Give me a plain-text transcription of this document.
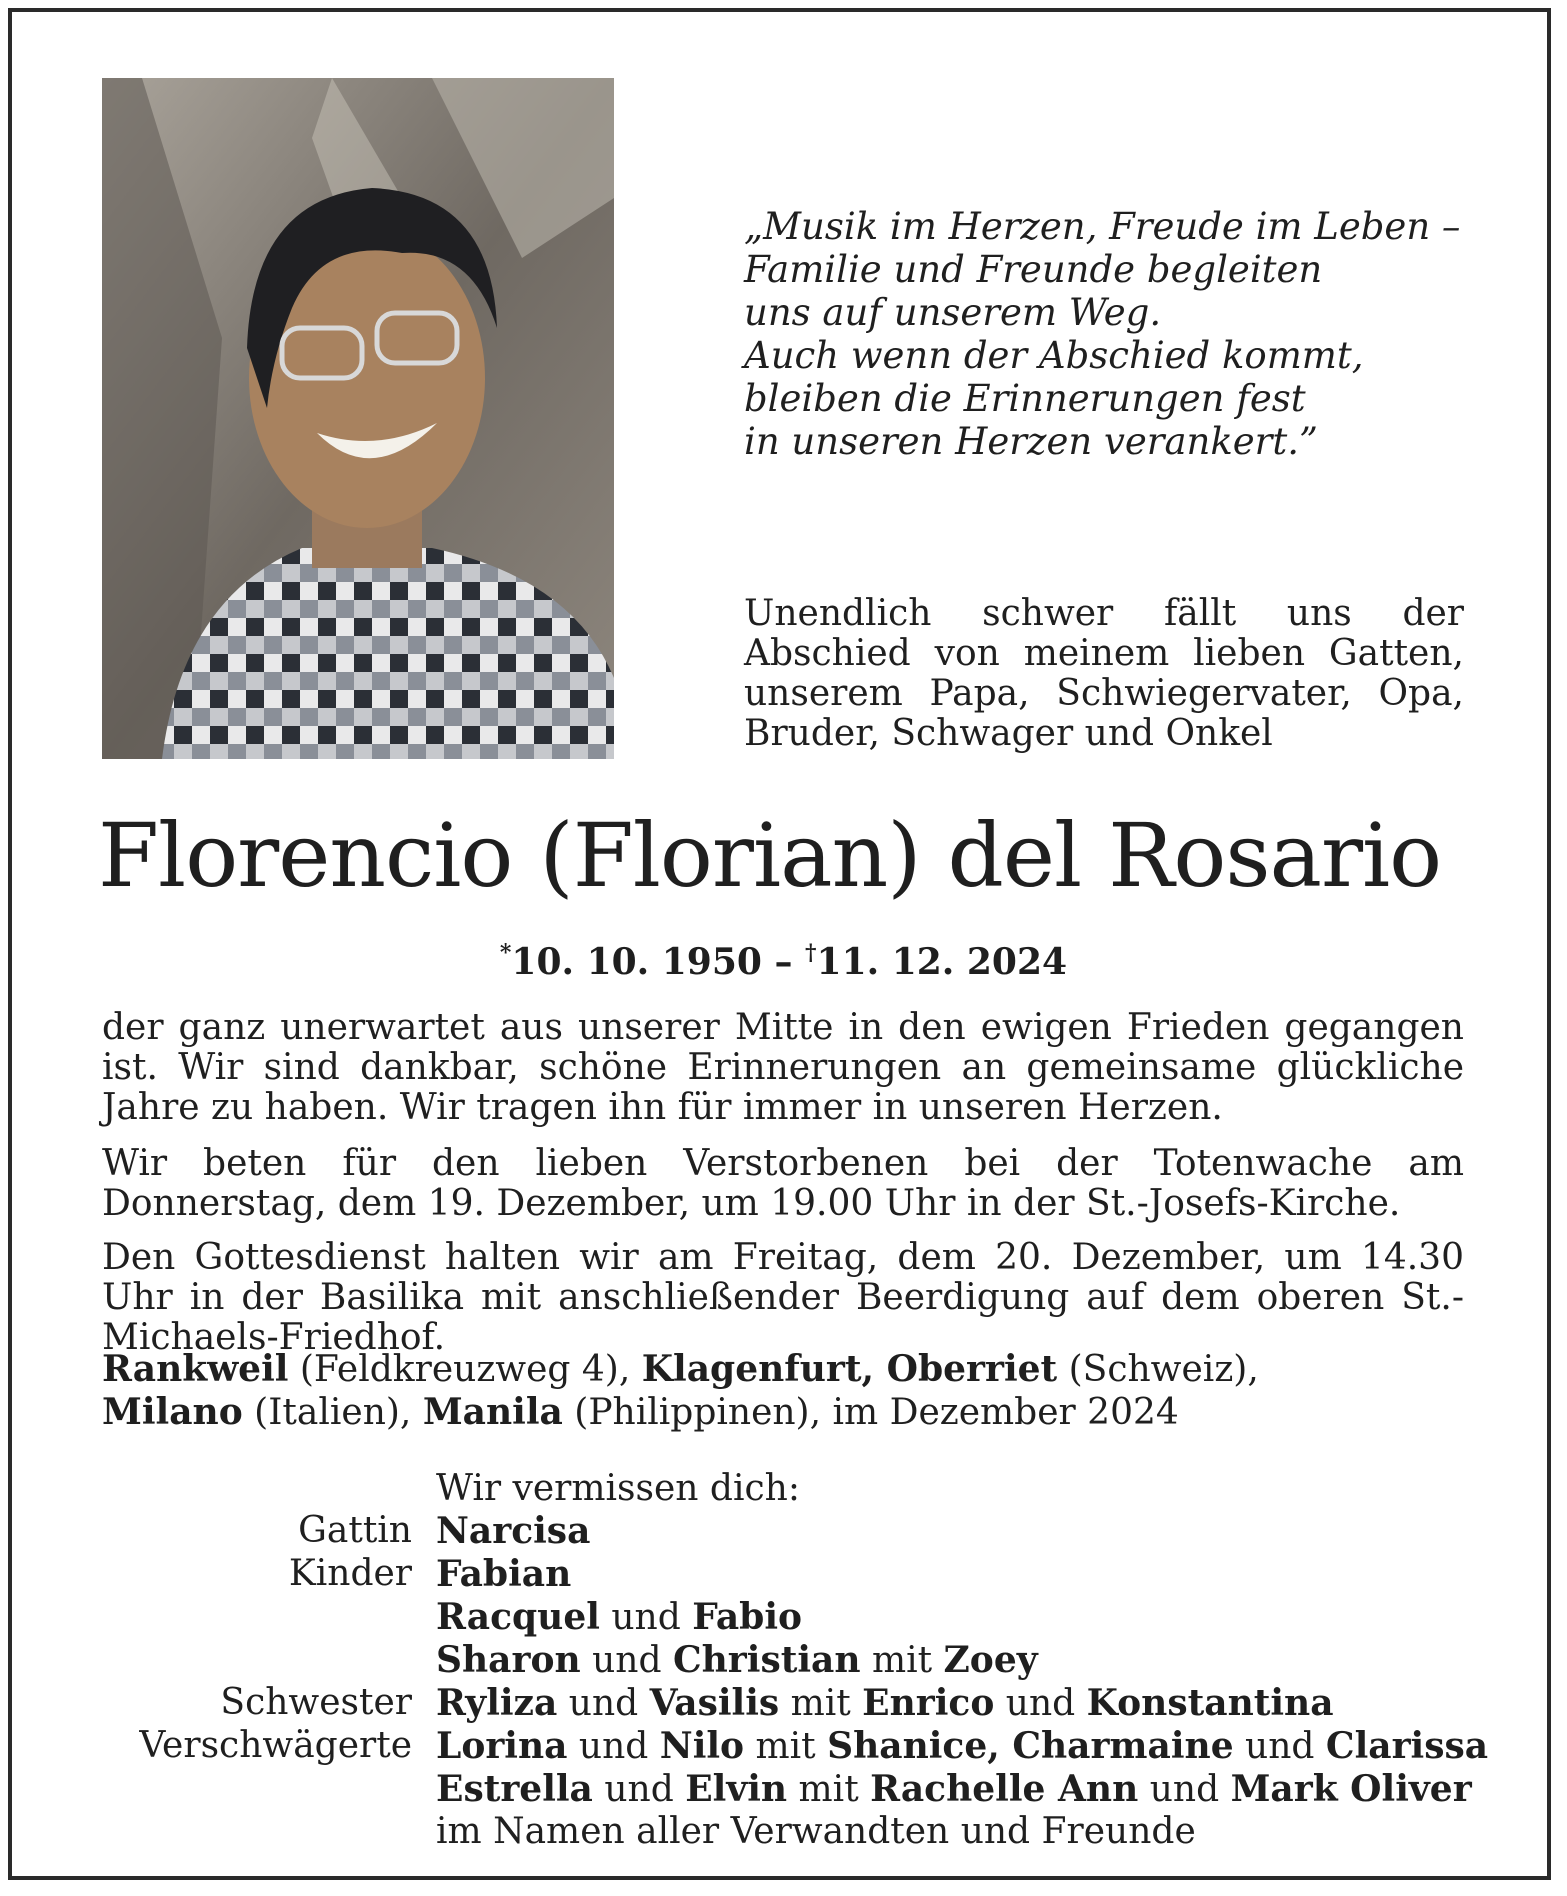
„Musik im Herzen, Freude im Leben –
Familie und Freunde begleiten
uns auf unserem Weg.
Auch wenn der Abschied kommt,
bleiben die Erinnerungen fest
in unseren Herzen verankert.”
Unendlich schwer fällt uns der Abschied von meinem lieben Gatten, unserem Papa, Schwiegervater, Opa, Bruder, Schwager und Onkel
Florencio (Florian) del Rosario
*10. 10. 1950 – †11. 12. 2024
der ganz unerwartet aus unserer Mitte in den ewigen Frieden gegangen ist. Wir sind dankbar, schöne Erinnerungen an gemeinsame glückliche Jahre zu haben. Wir tragen ihn für immer in unseren Herzen.
Wir beten für den lieben Verstorbenen bei der Totenwache am Donnerstag, dem 19. Dezember, um 19.00 Uhr in der St.-Josefs-Kirche.
Den Gottesdienst halten wir am Freitag, dem 20. Dezember, um 14.30 Uhr in der Basilika mit anschließender Beerdigung auf dem oberen St.-Michaels-Friedhof.
Rankweil (Feldkreuzweg 4), Klagenfurt, Oberriet (Schweiz),
Milano (Italien), Manila (Philippinen), im Dezember 2024
Wir vermissen dich:
Gattin Narcisa
Kinder Fabian
Racquel und Fabio
Sharon und Christian mit Zoey
Schwester Ryliza und Vasilis mit Enrico und Konstantina
Verschwägerte Lorina und Nilo mit Shanice, Charmaine und Clarissa
Estrella und Elvin mit Rachelle Ann und Mark Oliver
im Namen aller Verwandten und Freunde
